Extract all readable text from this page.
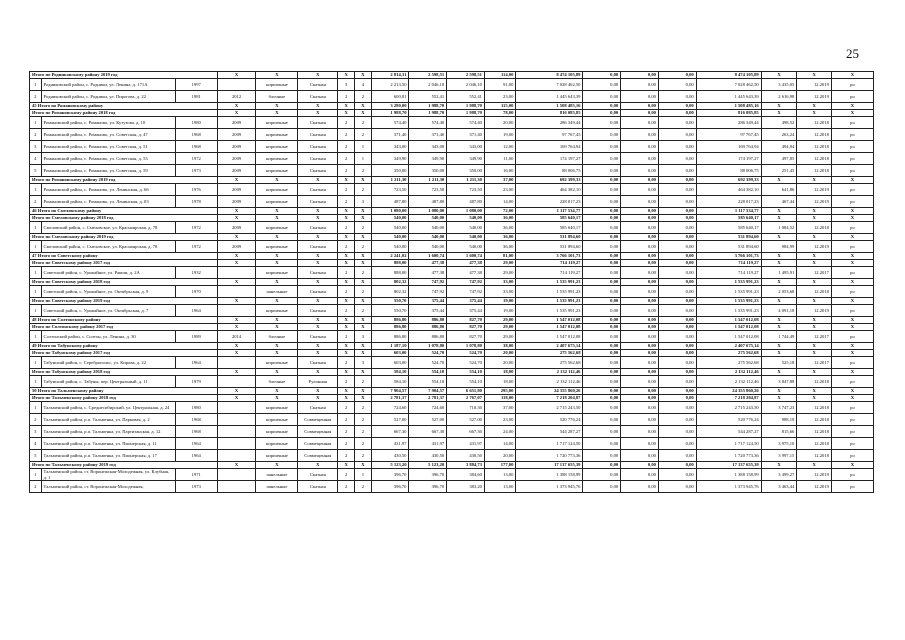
25
Итого по Родниковскому району 2019 год			X	X	X	X	X	2 814,31	2 598,51	2 598,51	114,00	8 474 105,89	0,00	0,00	0,00	8 474 105,89	X	X	X
1	Родниковский район, с. Родники, ул. Ленина, д. 171А	1997		кирпичные	Скатная	3	4	2 213,50	2 046,10	2 046,10	91,00	7 028 462,50	0,00	0,00	0,00	7 028 462,50	3 435,05	12.2019	ро
2	Родниковский район, с. Родники, ул. Пирогова, д. 22	1981	2012	блочные	Скатная	2	2	600,81	552,41	552,41	23,00	1 445 643,39	0,00	0,00	0,00	1 445 643,39	2 616,98	12.2019	ро
45 Итого по Романовскому району			X	X	X	X	X	3 280,00	1 988,70	1 988,70	115,00	1 508 485,16	0,00	0,00	0,00	1 508 485,16	X	X	X
Итого по Романовскому району 2018 год			X	X	X	X	X	1 988,70	1 988,70	1 988,70	78,00	816 085,85	0,00	0,00	0,00	816 085,85	X	X	X
1	Романовский район, с. Романово, ул. Кутузова, д. 10	1980	2009	кирпичные	Скатная	2	2	574,40	574,40	574,40	20,00	286 349,44	0,00	0,00	0,00	286 349,44	498,52	12.2018	ро
2	Романовский район, с. Романово, ул. Советская, д. 47	1968	2009	кирпичные	Скатная	2	2	371,40	371,40	371,40	19,00	97 767,45	0,00	0,00	0,00	97 767,45	263,24	12.2018	ро
3	Романовский район, с. Романово, ул. Советская, д. 51	1968	2009	кирпичные	Скатная	2	1	343,00	343,00	343,00	12,00	169 764,94	0,00	0,00	0,00	169 764,94	494,94	12.2018	ро
4	Романовский район, с. Романово, ул. Советская, д. 53	1972	2009	кирпичные	Скатная	2	1	349,90	349,90	349,90	11,00	174 197,27	0,00	0,00	0,00	174 197,27	497,85	12.2018	ро
5	Романовский район, с. Романово, ул. Советская, д. 59	1973	2009	кирпичные	Скатная	2	2	350,00	350,00	350,00	16,00	88 006,75	0,00	0,00	0,00	88 006,75	251,45	12.2018	ро
Итого по Романовскому району 2019 год			X	X	X	X	X	1 211,30	1 211,30	1 211,30	37,00	692 399,33	0,00	0,00	0,00	692 399,33	X	X	X
1	Романовский район, с. Романово, ул. Ленинская, д. 66	1976	2009	кирпичные	Скатная	2	2	723,50	723,50	723,50	23,00	464 382,10	0,00	0,00	0,00	464 382,10	641,86	12.2019	ро
2	Романовский район, с. Романово, ул. Ленинская, д. 03	1978	2009	кирпичные	Скатная	2	3	487,80	487,80	487,80	14,00	228 017,23	0,00	0,00	0,00	228 017,23	467,44	12.2019	ро
46 Итого по Смеловскому району			X	X	X	X	X	1 080,00	1 080,00	1 080,00	72,00	1 117 534,77	0,00	0,00	0,00	1 117 534,77	X	X	X
Итого по Смеловскому району 2018 год			X	X	X	X	X	540,00	540,00	540,00	36,00	585 640,17	0,00	0,00	0,00	585 640,17	X	X	X
1	Смеловский район, с. Смеловское, ул. Красноярская, д. 78	1972	2009	кирпичные	Скатная	2	2	540,00	540,00	540,00	36,00	585 640,17	0,00	0,00	0,00	585 640,17	1 084,52	12.2018	ро
Итого по Смеловскому району 2019 год			X	X	X	X	X	540,00	540,00	540,00	36,00	531 894,60	0,00	0,00	0,00	531 894,60	X	X	X
1	Смеловский район, с. Смеловское, ул. Красноярская, д. 78	1972	2009	кирпичные	Скатная	2	2	540,00	540,00	540,00	36,00	531 894,60	0,00	0,00	0,00	531 894,60	984,99	12.2019	ро
47 Итого по Советскому району			X	X	X	X	X	2 241,02	1 600,74	1 600,74	81,00	3 766 101,73	0,00	0,00	0,00	3 766 101,73	X	X	X
Итого по Советскому району 2017 год			X	X	X	X	X	888,00	477,38	477,38	29,00	714 119,27	0,00	0,00	0,00	714 119,27	X	X	X
1	Советский район, с. Урожайное, ул. Ракши, д. 2А	1932		кирпичные	Скатная	2	2	888,00	477,38	477,38	29,00	714 119,27	0,00	0,00	0,00	714 119,27	1 495,91	12.2017	ро
Итого по Советскому району 2018 год			X	X	X	X	X	802,32	747,92	747,92	33,00	1 535 991,23	0,00	0,00	0,00	1 535 991,23	X	X	X
1	Советский район, с. Урожайное, ул. Октябрьская, д. 9	1970		панельные	Скатная	2	2	802,32	747,92	747,92	33,00	1 535 991,23	0,00	0,00	0,00	1 535 991,23	2 053,68	12.2018	ро
Итого по Советскому району 2019 год			X	X	X	X	X	550,70	375,44	375,44	19,00	1 535 991,23	0,00	0,00	0,00	1 535 991,23	X	X	X
1	Советский район, с. Урожайное, ул. Октябрьская, д. 7	1964		кирпичные	Скатная	2	2	550,70	375,44	375,44	19,00	1 535 991,23	0,00	0,00	0,00	1 535 991,23	4 091,18	12.2019	ро
48 Итого по Солтонскому району			X	X	X	X	X	886,80	886,80	827,70	29,00	1 547 012,08	0,00	0,00	0,00	1 547 012,08	X	X	X
Итого по Солтонскому району 2017 год			X	X	X	X	X	886,80	886,80	827,70	29,00	1 547 012,08	0,00	0,00	0,00	1 547 012,08	X	X	X
1	Солтонский район, с. Солтон, ул. Ленина, д. 30	1989	2014	блочные	Скатная	2	3	886,80	886,80	827,70	29,00	1 547 012,08	0,00	0,00	0,00	1 547 012,08	1 744,49	12.2017	ро
49 Итого по Табунскому району			X	X	X	X	X	1 187,10	1 078,80	1 078,80	38,00	2 407 675,14	0,00	0,00	0,00	2 407 675,14	X	X	X
Итого по Табунскому району 2017 год			X	X	X	X	X	603,00	524,70	524,70	20,00	275 562,68	0,00	0,00	0,00	275 562,68	X	X	X
1	Табунский район, с. Серебропольс, ул. Кирова, д. 22	1964		кирпичные	Скатная	2	3	603,00	524,70	524,70	20,00	275 562,68	0,00	0,00	0,00	275 562,68	525,18	12.2017	ро
Итого по Табунскому району 2018 год			X	X	X	X	X	584,10	554,10	554,10	18,00	2 132 112,46	0,00	0,00	0,00	2 132 112,46	X	X	X
1	Табунский район, с. Табуны, пер. Центральный, д. 11	1979		блочные	Рулонная	2	2	584,10	554,10	554,10	18,00	2 132 112,46	0,00	0,00	0,00	2 132 112,46	3 847,88	12.2018	ро
50 Итого по Тальменскому району			X	X	X	X	X	7 904,57	7 904,57	6 651,80	295,00	24 355 860,26	0,00	0,00	0,00	24 355 860,26	X	X	X
Итого по Тальменскому району 2018 год			X	X	X	X	X	2 781,37	2 781,37	2 767,07	118,00	7 218 204,87	0,00	0,00	0,00	7 218 204,87	X	X	X
1	Тальменский район, с. Среднесибирский, ул. Центральная, д. 24	1980		кирпичные	Скатная	2	2	724,60	724,60	710,30	37,00	2 715 243,50	0,00	0,00	0,00	2 715 243,50	3 747,23	12.2018	ро
2	Тальменский район, р.п. Тальменка, ул. Парковая, д. 2	1968		кирпичные	Совмещенная	2	2	527,00	527,00	527,00	23,00	520 776,24	0,00	0,00	0,00	520 776,24	988,19	12.2018	ро
3	Тальменский район, р.п. Тальменка, ул. Партизанская, д. 12	1968		кирпичные	Совмещенная	2	2	667,30	667,30	667,30	24,00	544 287,27	0,00	0,00	0,00	544 287,27	815,66	12.2018	ро
4	Тальменский район, р.п. Тальменка, ул. Пионерская, д. 11	1964		кирпичные	Совмещенная	2	2	431,97	431,97	431,97	14,00	1 717 124,50	0,00	0,00	0,00	1 717 124,50	3 975,10	12.2018	ро
5	Тальменский район, р.п. Тальменка, ул. Пионерская, д. 17	1964		кирпичные	Совмещенная	2	2	430,50	430,50	430,50	20,00	1 720 773,36	0,00	0,00	0,00	1 720 773,36	3 997,15	12.2018	ро
Итого по Тальменскому району 2019 год			X	X	X	X	X	5 123,20	5 123,20	3 884,73	177,00	17 137 655,39	0,00	0,00	0,00	17 137 655,39	X	X	X
1	Тальменский район, ст. Воронежская-Молодежная, ул. Клубная, д. 1	1971		панельные	Скатная	2	1	396,70	396,70	384,60	13,00	1 388 158,99	0,00	0,00	0,00	1 388 158,99	3 499,27	12.2019	ро
2	Тальменский район, ст. Воронежская-Молодежная,	1973		панельные	Скатная	2	2	396,70	396,70	383,20	13,00	1 373 945,76	0,00	0,00	0,00	1 373 945,76	3 463,44	12.2019	ро
